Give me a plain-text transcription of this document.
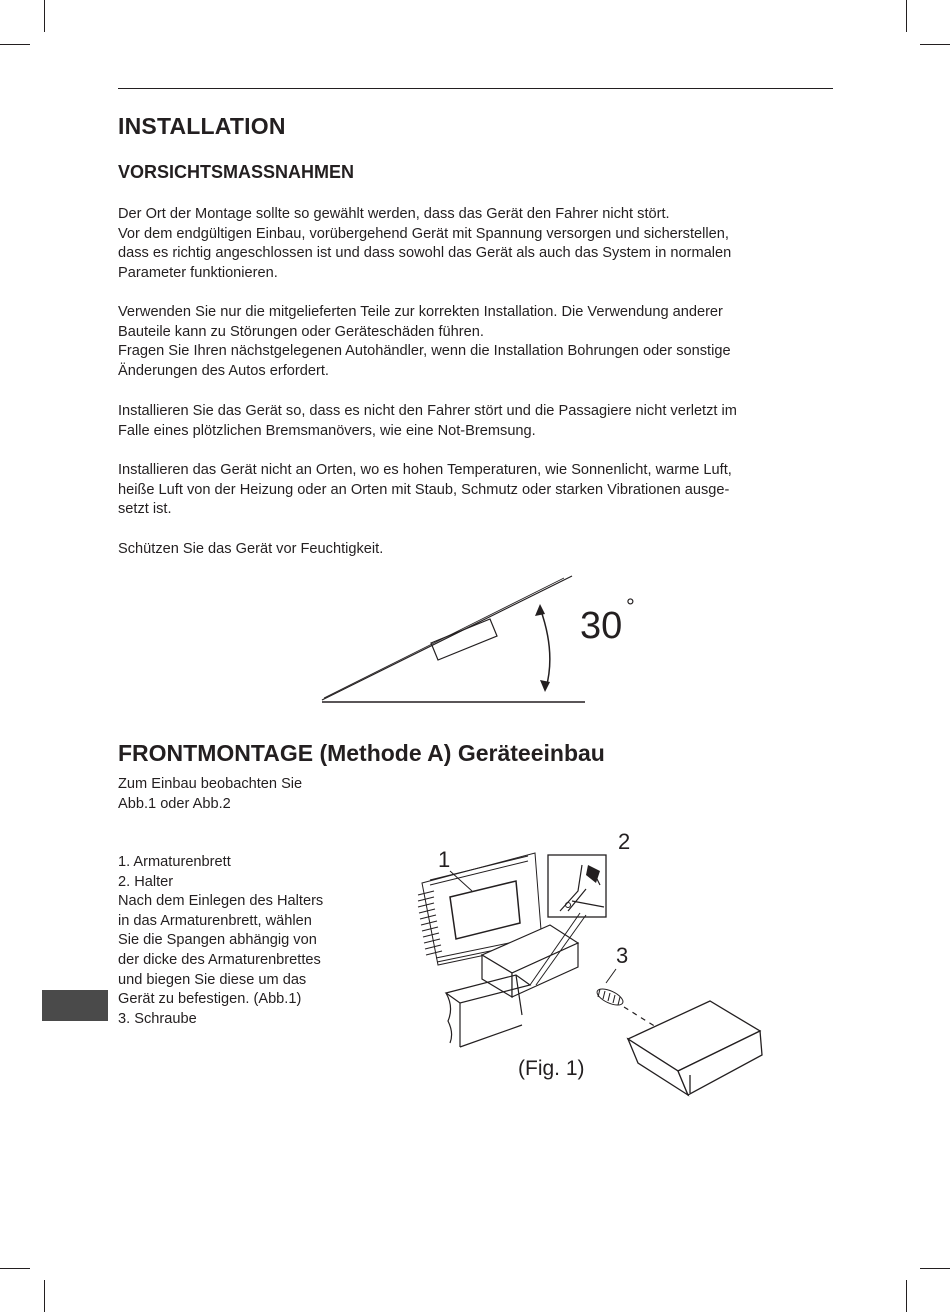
INSTALLATION
VORSICHTSMASSNAHMEN
Der Ort der Montage sollte so gewählt werden, dass das Gerät den Fahrer nicht stört.
Vor dem endgültigen Einbau, vorübergehend Gerät mit Spannung versorgen und sicherstellen,
dass es richtig angeschlossen ist und dass sowohl das Gerät als auch das System in normalen
Parameter funktionieren.
Verwenden Sie nur die mitgelieferten Teile zur korrekten Installation. Die Verwendung anderer
Bauteile kann zu Störungen oder Geräteschäden führen.
Fragen Sie Ihren nächstgelegenen Autohändler, wenn die Installation Bohrungen oder sonstige
Änderungen des Autos erfordert.
Installieren Sie das Gerät so, dass es nicht den Fahrer stört und die Passagiere nicht verletzt im
Falle eines plötzlichen Bremsmanövers, wie eine Not-Bremsung.
Installieren das Gerät nicht an Orten, wo es hohen Temperaturen, wie Sonnenlicht, warme Luft,
heiße Luft von der Heizung oder an Orten mit Staub, Schmutz oder starken Vibrationen ausge-
setzt ist.
Schützen Sie das Gerät vor Feuchtigkeit.
30 °
FRONTMONTAGE (Methode A) Geräteeinbau
Zum Einbau beobachten Sie
Abb.1 oder Abb.2
1. Armaturenbrett
2. Halter
Nach dem Einlegen des Halters
in das Armaturenbrett, wählen
Sie die Spangen abhängig von
der dicke des Armaturenbrettes
und biegen Sie diese um das
Gerät zu befestigen. (Abb.1)
3. Schraube
1
2
3
(Fig. 1)
